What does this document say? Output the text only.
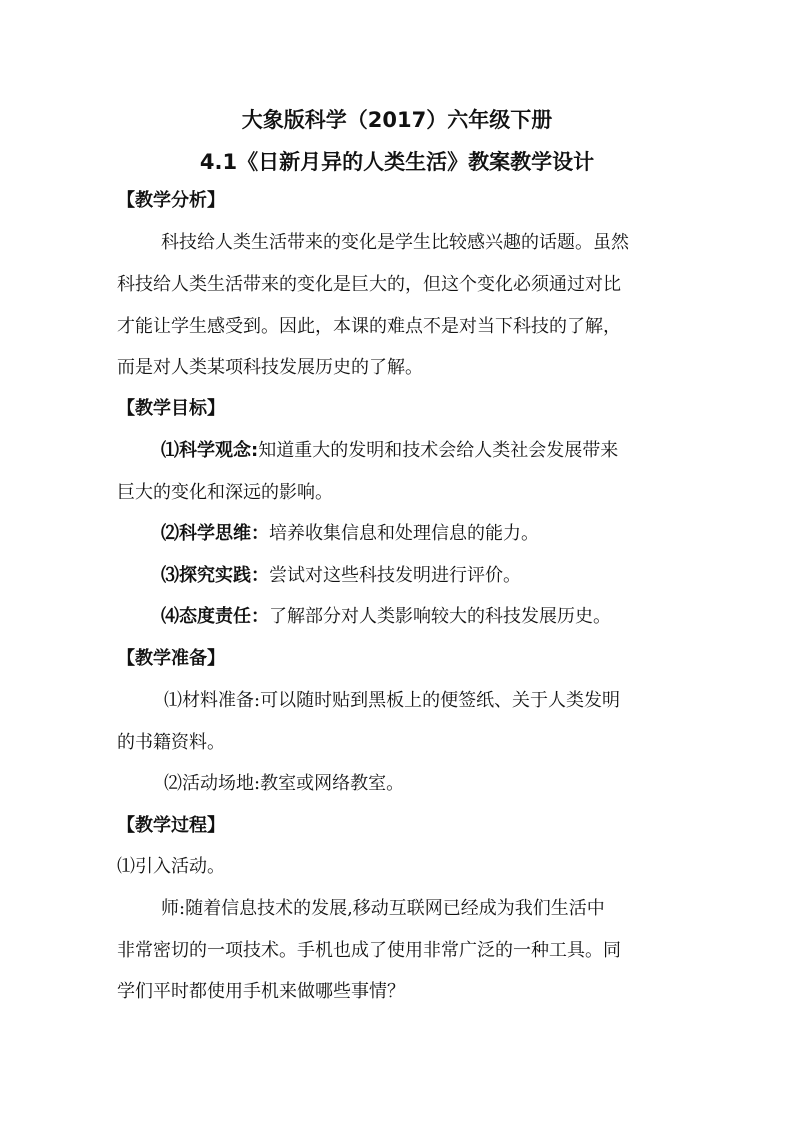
大象版科学（2017）六年级下册
4.1《日新月异的人类生活》教案教学设计
【教学分析】
科技给人类生活带来的变化是学生比较感兴趣的话题。虽然
科技给人类生活带来的变化是巨大的，但这个变化必须通过对比
才能让学生感受到。因此，本课的难点不是对当下科技的了解，
而是对人类某项科技发展历史的了解。
【教学目标】
⑴科学观念:知道重大的发明和技术会给人类社会发展带来
巨大的变化和深远的影响。
⑵科学思维：培养收集信息和处理信息的能力。
⑶探究实践：尝试对这些科技发明进行评价。
⑷态度责任：了解部分对人类影响较大的科技发展历史。
【教学准备】
⑴材料准备:可以随时贴到黑板上的便签纸、关于人类发明
的书籍资料。
⑵活动场地:教室或网络教室。
【教学过程】
⑴引入活动。
师:随着信息技术的发展,移动互联网已经成为我们生活中
非常密切的一项技术。手机也成了使用非常广泛的一种工具。同
学们平时都使用手机来做哪些事情？
